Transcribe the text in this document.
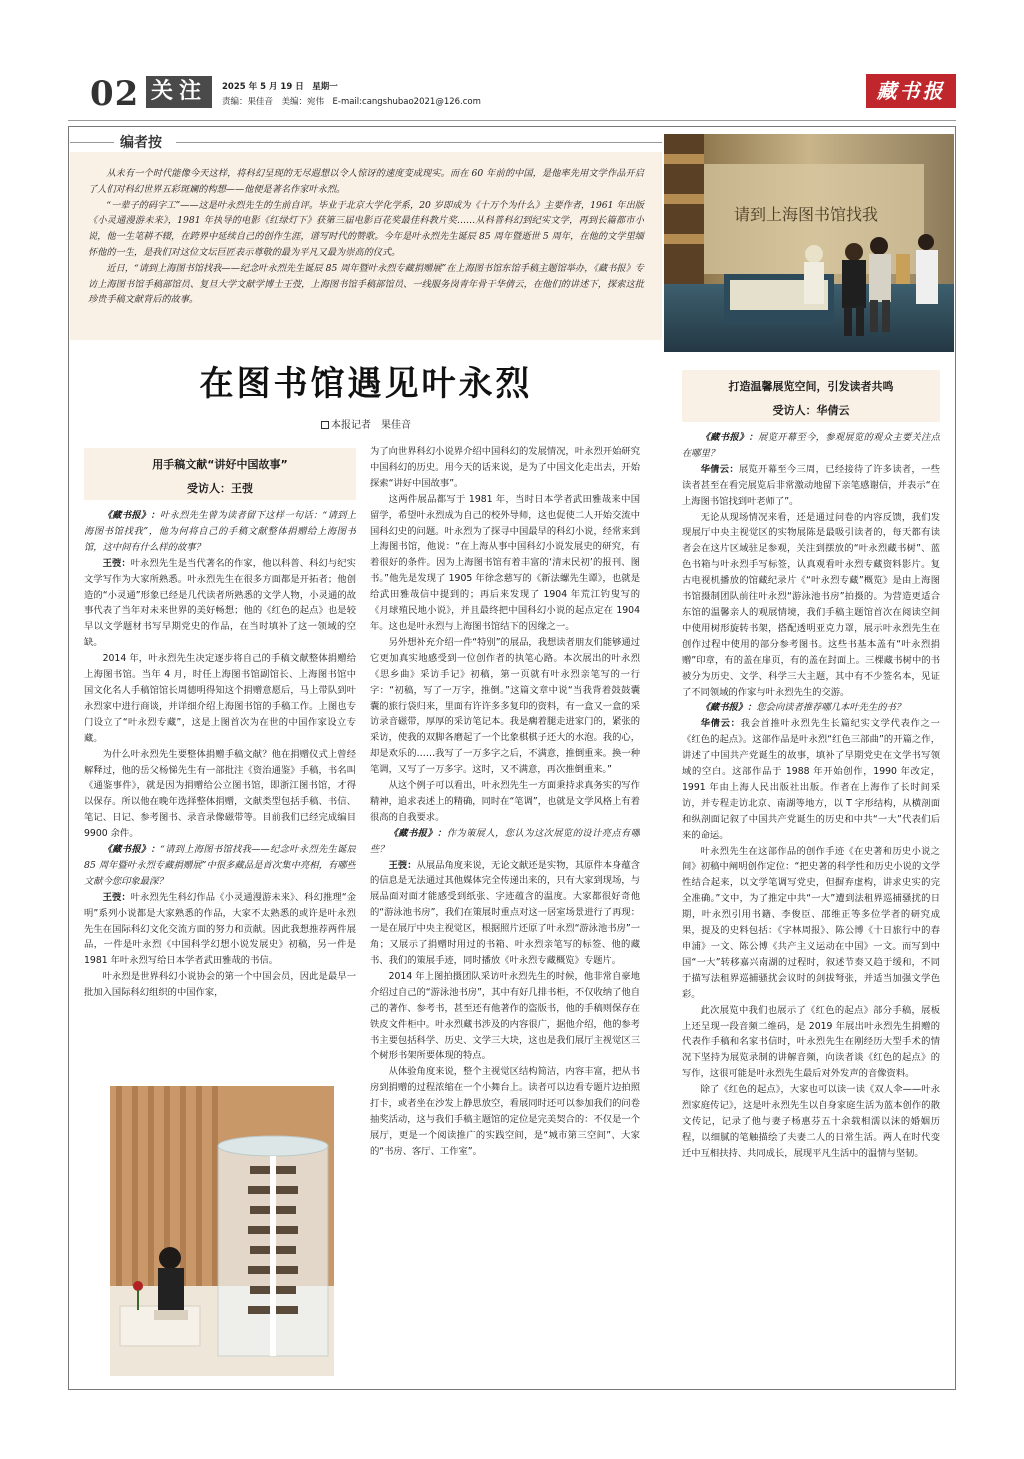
02 关注	2025 年 5 月 19 日　星期一
责编：果佳音　美编：宛伟　E-mail:cangshubao2021@126.com	藏书报
编者按

从未有一个时代能像今天这样，将科幻呈现的无尽遐想以令人惊讶的速度变成现实。而在 60 年前的中国，是他率先用文学作品开启了人们对科幻世界五彩斑斓的构想——他便是著名作家叶永烈。

“一辈子的码字工”——这是叶永烈先生的生前自评。毕业于北京大学化学系，20 岁即成为《十万个为什么》主要作者，1961 年出版《小灵通漫游未来》，1981 年执导的电影《红绿灯下》获第三届电影百花奖最佳科教片奖……从科普科幻到纪实文学，再到长篇都市小说，他一生笔耕不辍，在跨界中延续自己的创作生涯，谱写时代的赞歌。今年是叶永烈先生诞辰 85 周年暨逝世 5 周年，在他的文学里缅怀他的一生，是我们对这位文坛巨匠表示尊敬的最为平凡又最为崇高的仪式。

近日，“请到上海图书馆找我——纪念叶永烈先生诞辰 85 周年暨叶永烈专藏捐赠展”在上海图书馆东馆手稿主题馆举办，《藏书报》专访上海图书馆手稿部馆员、复旦大学文献学博士王弢，上海图书馆手稿部馆员、一线服务岗青年骨干华倩云，在他们的讲述下，探索这批珍贵手稿文献背后的故事。

请到上海图书馆找我
在图书馆遇见叶永烈
本报记者　果佳音
打造温馨展览空间，引发读者共鸣
受访人：华倩云
用手稿文献“讲好中国故事”
受访人：王弢

《藏书报》：叶永烈先生曾为读者留下这样一句话：“请到上海图书馆找我”，他为何将自己的手稿文献整体捐赠给上海图书馆，这中间有什么样的故事？

王弢：叶永烈先生是当代著名的作家，他以科普、科幻与纪实文学写作为大家所熟悉。叶永烈先生在很多方面都是开拓者；他创造的“小灵通”形象已经是几代读者所熟悉的文学人物，小灵通的故事代表了当年对未来世界的美好畅想；他的《红色的起点》也是较早以文学题材书写早期党史的作品，在当时填补了这一领域的空缺。

2014 年，叶永烈先生决定逐步将自己的手稿文献整体捐赠给上海图书馆。当年 4 月，时任上海图书馆副馆长、上海图书馆中国文化名人手稿馆馆长周德明得知这个捐赠意愿后，马上带队到叶永烈家中进行商谈，并详细介绍上海图书馆的手稿工作。上图也专门设立了“叶永烈专藏”，这是上图首次为在世的中国作家设立专藏。

为什么叶永烈先生要整体捐赠手稿文献？他在捐赠仪式上曾经解释过，他的岳父杨悌先生有一部批注《资治通鉴》手稿，书名叫《通鉴事件》，就是因为捐赠给公立图书馆，即浙江图书馆，才得以保存。所以他在晚年选择整体捐赠，文献类型包括手稿、书信、笔记、日记、参考图书、录音录像磁带等。目前我们已经完成编目 9900 余件。

《藏书报》：“请到上海图书馆找我——纪念叶永烈先生诞辰 85 周年暨叶永烈专藏捐赠展”中很多藏品是首次集中亮相，有哪些文献今您印象最深？

王弢：叶永烈先生科幻作品《小灵通漫游未来》、科幻推理“金明”系列小说都是大家熟悉的作品，大家不太熟悉的或许是叶永烈先生在国际科幻文化交流方面的努力和贡献。因此我想推荐两件展品，一件是叶永烈《中国科学幻想小说发展史》初稿，另一件是 1981 年叶永烈写给日本学者武田雅哉的书信。

叶永烈是世界科幻小说协会的第一个中国会员，因此是最早一批加入国际科幻组织的中国作家，

为了向世界科幻小说界介绍中国科幻的发展情况，叶永烈开始研究中国科幻的历史。用今天的话来说，是为了中国文化走出去，开始探索“讲好中国故事”。

这两件展品都写于 1981 年，当时日本学者武田雅哉来中国留学，希望叶永烈成为自己的校外导师，这也促使二人开始交流中国科幻史的问题。叶永烈为了探寻中国最早的科幻小说，经常来到上海图书馆，他说：“在上海从事中国科幻小说发展史的研究，有着很好的条件。因为上海图书馆有着丰富的‘清末民初’的报刊、图书。”他先是发现了 1905 年徐念慈写的《新法螺先生谭》，也就是给武田雅哉信中提到的；再后来发现了 1904 年荒江钓叟写的《月球殖民地小说》，并且最终把中国科幻小说的起点定在 1904 年。这也是叶永烈与上海图书馆结下的因缘之一。

另外想补充介绍一件“特别”的展品，我想读者朋友们能够通过它更加真实地感受到一位创作者的执笔心路。本次展出的叶永烈《思乡曲》采访手记》初稿，第一页就有叶永烈亲笔写的一行字：“初稿，写了一万字，推倒。”这篇文章中说“当我背着鼓鼓囊囊的旅行袋归来，里面有许许多多复印的资料，有一盒又一盒的采访录音磁带，厚厚的采访笔记本。我是瘸着腿走进家门的，紧张的采访，使我的双脚各磨起了一个比象棋棋子还大的水泡。我的心，却是欢乐的……我写了一万多字之后，不满意，推倒重来。换一种笔调，又写了一万多字。这时，又不满意，再次推倒重来。”

从这个例子可以看出，叶永烈先生一方面秉持求真务实的写作精神，追求表述上的精确，同时在“笔调”，也就是文学风格上有着很高的自我要求。

《藏书报》：作为策展人，您认为这次展览的设计亮点有哪些？

王弢：从展品角度来说，无论文献还是实物，其原件本身蕴含的信息是无法通过其他媒体完全传递出来的，只有大家到现场，与展品面对面才能感受到纸张、字迹蕴含的温度。大家都很好奇他的“游泳池书房”，我们在策展时重点对这一居室场景进行了再现：一是在展厅中央主视觉区，根据照片还原了叶永烈“游泳池书房”一角；又展示了捐赠时用过的书箱、叶永烈亲笔写的标签、他的藏书、我们的策展手迹，同时播放《叶永烈专藏概览》专题片。

2014 年上图拍摄团队采访叶永烈先生的时候，他非常自豪地介绍过自己的“游泳池书房”，其中有好几排书柜，不仅收纳了他自己的著作、参考书，甚至还有他著作的盗版书，他的手稿则保存在铁皮文件柜中。叶永烈藏书涉及的内容很广，据他介绍，他的参考书主要包括科学、历史、文学三大块，这也是我们展厅主视觉区三个树形书架所要体现的特点。

从体验角度来说，整个主视觉区结构简洁，内容丰富，把从书房到捐赠的过程浓缩在一个小舞台上。读者可以边看专题片边拍照打卡，或者坐在沙发上静思放空，看展同时还可以参加我们的问卷抽奖活动，这与我们手稿主题馆的定位是完美契合的：不仅是一个展厅，更是一个阅读推广的实践空间，是“城市第三空间”、大家的“书房、客厅、工作室”。

《藏书报》：展览开幕至今，参观展览的观众主要关注点在哪里？

华倩云：展览开幕至今三周，已经接待了许多读者，一些读者甚至在看完展览后非常激动地留下亲笔感谢信，并表示“在上海图书馆找到叶老师了”。

无论从现场情况来看，还是通过问卷的内容反馈，我们发现展厅中央主视觉区的实物展陈是最吸引读者的，每天都有读者会在这片区域驻足参观，关注到摆放的“叶永烈藏书树”、蓝色书箱与叶永烈手写标签，认真观看叶永烈专藏资料影片。复古电视机播放的馆藏纪录片《“叶永烈专藏”概览》是由上海图书馆摄制团队前往叶永烈“游泳池书房”拍摄的。为营造更适合东馆的温馨亲人的观展情境，我们手稿主题馆首次在阅读空间中使用树形旋转书架，搭配透明亚克力罩，展示叶永烈先生在创作过程中使用的部分参考图书。这些书基本盖有“叶永烈捐赠”印章，有的盖在扉页，有的盖在封面上。三棵藏书树中的书被分为历史、文学、科学三大主题，其中有不少签名本，见证了不同领域的作家与叶永烈先生的交游。

《藏书报》：您会向读者推荐哪几本叶先生的书？

华倩云：我会首推叶永烈先生长篇纪实文学代表作之一《红色的起点》。这部作品是叶永烈“红色三部曲”的开篇之作，讲述了中国共产党诞生的故事，填补了早期党史在文学书写领域的空白。这部作品于 1988 年开始创作，1990 年改定，1991 年由上海人民出版社出版。作者在上海作了长时间采访，并专程走访北京、南湖等地方，以 T 字形结构，从横剖面和纵剖面记叙了中国共产党诞生的历史和中共“一大”代表们后来的命运。

叶永烈先生在这部作品的创作手迹《在史著和历史小说之间》初稿中阐明创作定位：“把史著的科学性和历史小说的文学性结合起来，以文学笔调写党史，但摒弃虚构，讲求史实的完全准确。”文中，为了推定中共“一大”遭到法租界巡捕骚扰的日期，叶永烈引用书籍、李俊臣、邵维正等多位学者的研究成果，提及的史料包括：《字林周报》、陈公博《十日旅行中的春申浦》一文、陈公博《共产主义运动在中国》一文。而写到中国“一大”转移嘉兴南湖的过程时，叙述节奏又趋于缓和，不同于描写法租界巡捕骚扰会议时的剑拔弩张，并适当加强文学色彩。

此次展览中我们也展示了《红色的起点》部分手稿，展板上还呈现一段音频二维码，是 2019 年展出叶永烈先生捐赠的代表作手稿和名家书信时，叶永烈先生在刚经历大型手术的情况下坚持为展览录制的讲解音频，向读者谈《红色的起点》的写作，这很可能是叶永烈先生最后对外发声的音像资料。

除了《红色的起点》，大家也可以读一读《双人伞——叶永烈家庭传记》，这是叶永烈先生以自身家庭生活为蓝本创作的散文传记，记录了他与妻子杨惠芬五十余载相濡以沫的婚姻历程，以细腻的笔触描绘了夫妻二人的日常生活。两人在时代变迁中互相扶持、共同成长，展现平凡生活中的温情与坚韧。
